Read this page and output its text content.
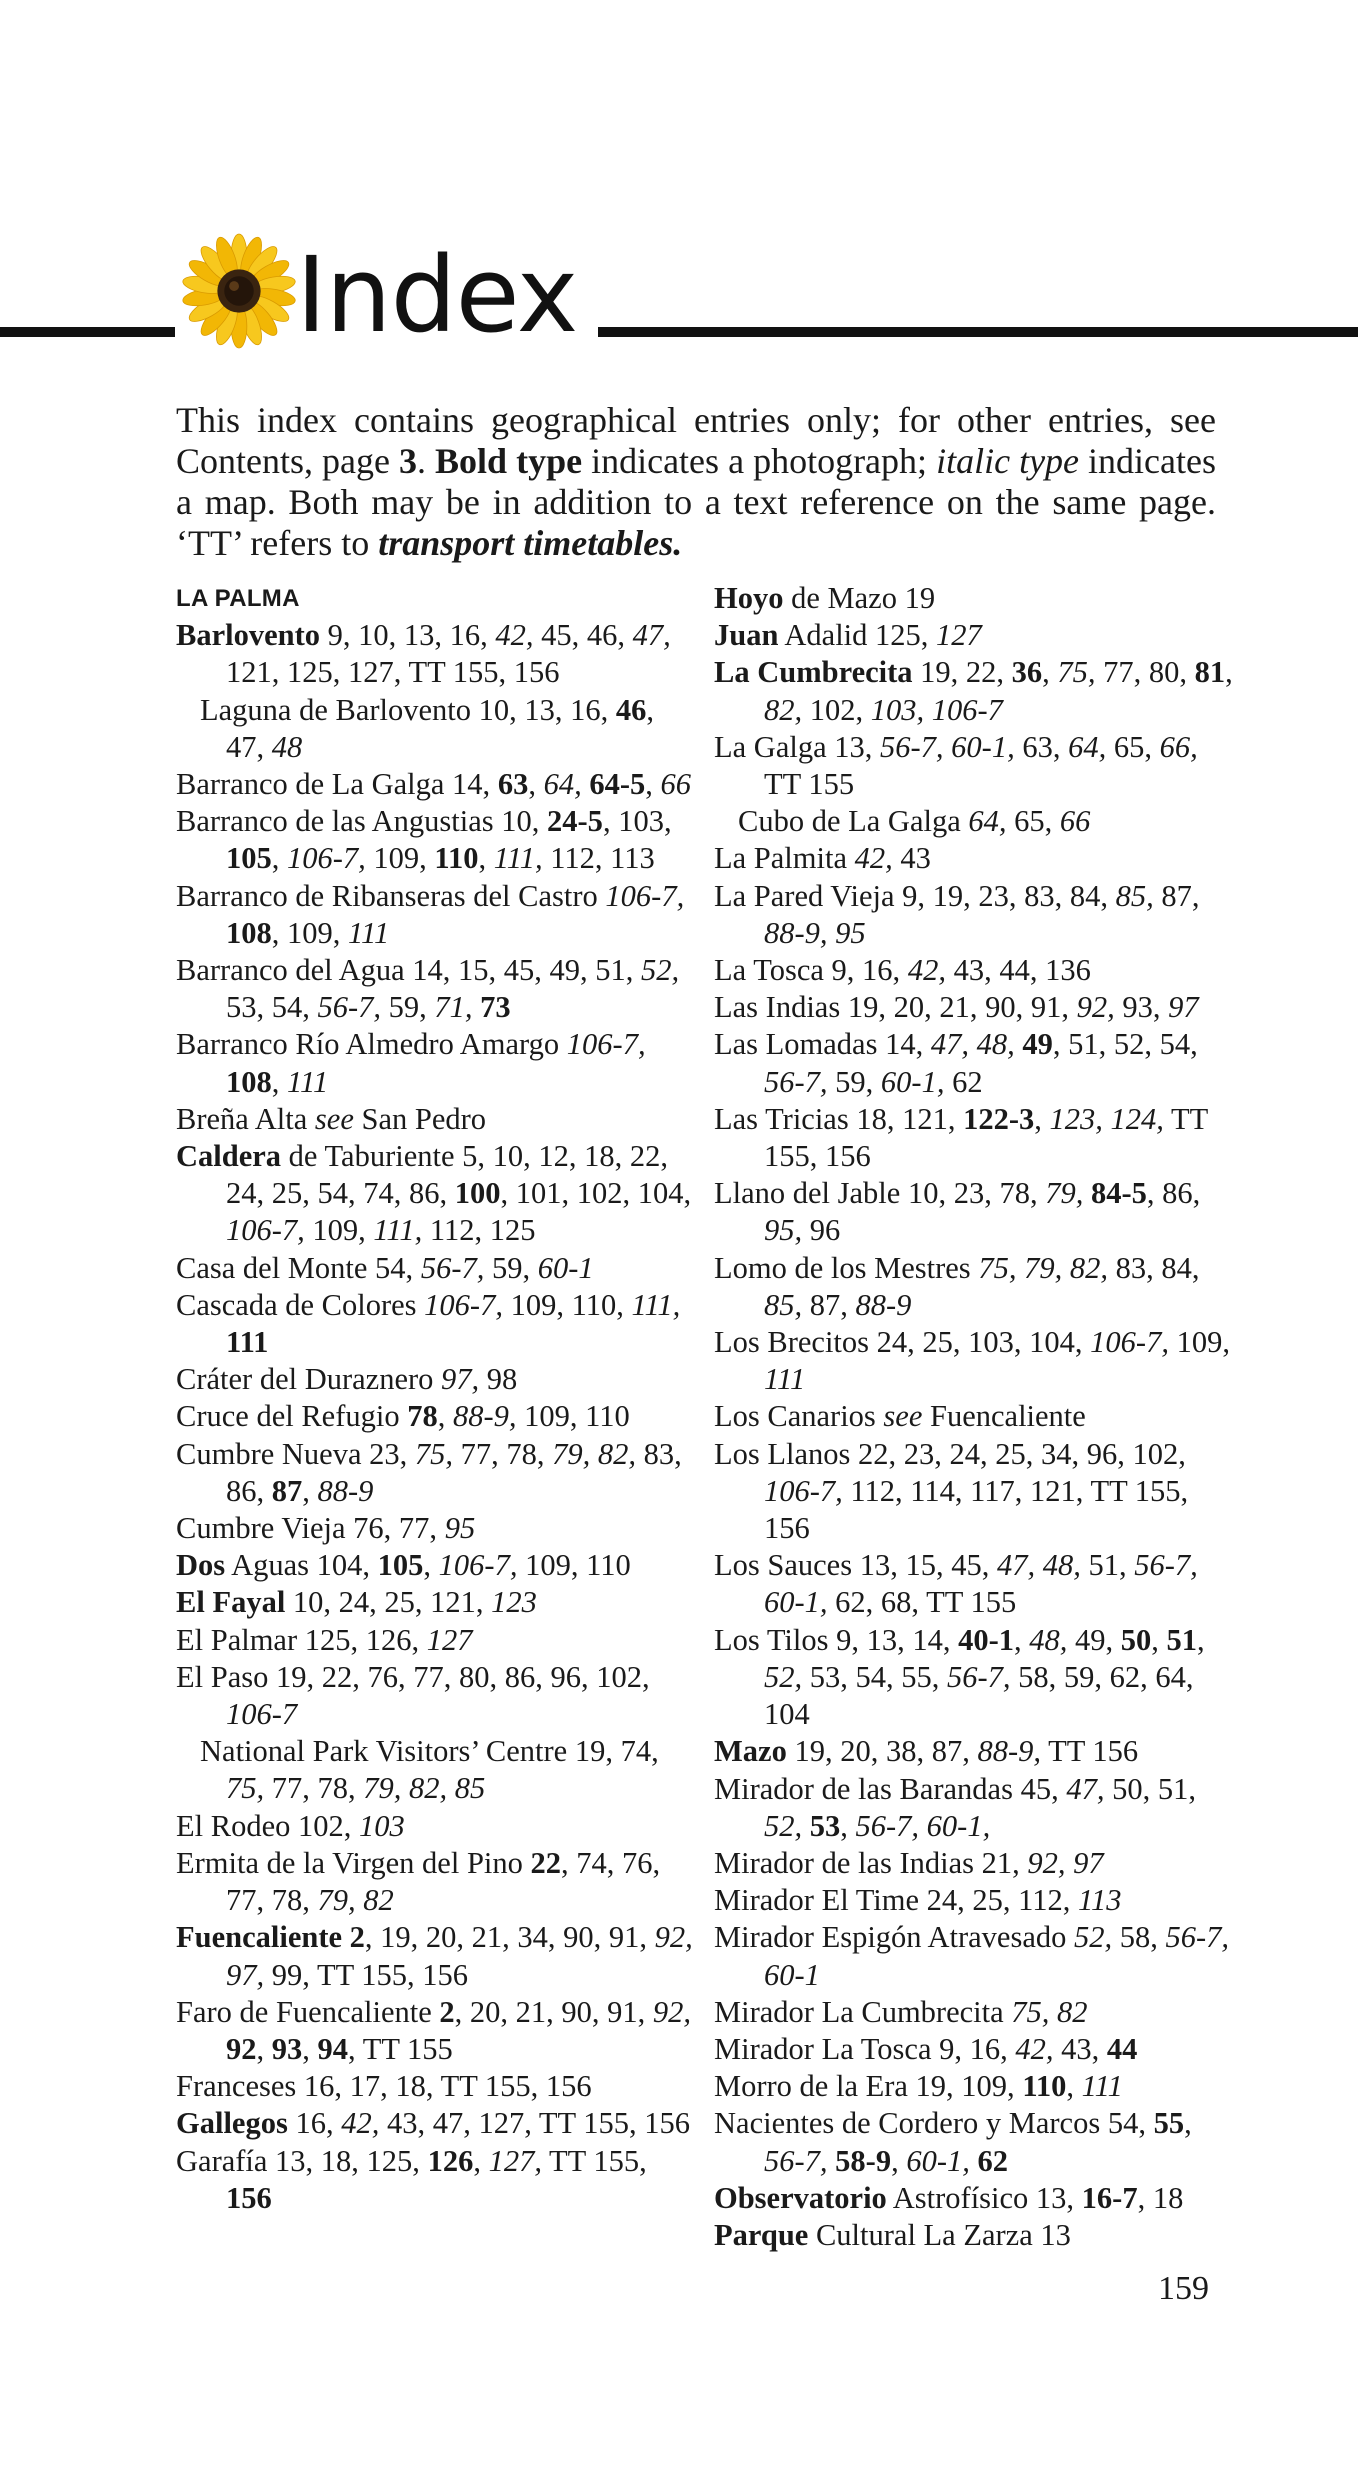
Index
This index contains geographical entries only; for other entries, see Contents, page 3. Bold type indicates a photograph; italic type indicates a map. Both may be in addition to a text reference on the same page. ‘TT’ refers to transport timetables.
LA PALMA
Barlovento 9, 10, 13, 16, 42, 45, 46, 47, 121, 125, 127, TT 155, 156
Laguna de Barlovento 10, 13, 16, 46, 47, 48
Barranco de La Galga 14, 63, 64, 64-5, 66
Barranco de las Angustias 10, 24-5, 103, 105, 106-7, 109, 110, 111, 112, 113
Barranco de Ribanseras del Castro 106-7, 108, 109, 111
Barranco del Agua 14, 15, 45, 49, 51, 52, 53, 54, 56-7, 59, 71, 73
Barranco Río Almedro Amargo 106-7, 108, 111
Breña Alta see San Pedro
Caldera de Taburiente 5, 10, 12, 18, 22, 24, 25, 54, 74, 86, 100, 101, 102, 104, 106-7, 109, 111, 112, 125
Casa del Monte 54, 56-7, 59, 60-1
Cascada de Colores 106-7, 109, 110, 111, 111
Cráter del Duraznero 97, 98
Cruce del Refugio 78, 88-9, 109, 110
Cumbre Nueva 23, 75, 77, 78, 79, 82, 83, 86, 87, 88-9
Cumbre Vieja 76, 77, 95
Dos Aguas 104, 105, 106-7, 109, 110
El Fayal 10, 24, 25, 121, 123
El Palmar 125, 126, 127
El Paso 19, 22, 76, 77, 80, 86, 96, 102, 106-7
National Park Visitors’ Centre 19, 74, 75, 77, 78, 79, 82, 85
El Rodeo 102, 103
Ermita de la Virgen del Pino 22, 74, 76, 77, 78, 79, 82
Fuencaliente 2, 19, 20, 21, 34, 90, 91, 92, 97, 99, TT 155, 156
Faro de Fuencaliente 2, 20, 21, 90, 91, 92, 92, 93, 94, TT 155
Franceses 16, 17, 18, TT 155, 156
Gallegos 16, 42, 43, 47, 127, TT 155, 156
Garafía 13, 18, 125, 126, 127, TT 155, 156
Hoyo de Mazo 19
Juan Adalid 125, 127
La Cumbrecita 19, 22, 36, 75, 77, 80, 81, 82, 102, 103, 106-7
La Galga 13, 56-7, 60-1, 63, 64, 65, 66, TT 155
Cubo de La Galga 64, 65, 66
La Palmita 42, 43
La Pared Vieja 9, 19, 23, 83, 84, 85, 87, 88-9, 95
La Tosca 9, 16, 42, 43, 44, 136
Las Indias 19, 20, 21, 90, 91, 92, 93, 97
Las Lomadas 14, 47, 48, 49, 51, 52, 54, 56-7, 59, 60-1, 62
Las Tricias 18, 121, 122-3, 123, 124, TT 155, 156
Llano del Jable 10, 23, 78, 79, 84-5, 86, 95, 96
Lomo de los Mestres 75, 79, 82, 83, 84, 85, 87, 88-9
Los Brecitos 24, 25, 103, 104, 106-7, 109, 111
Los Canarios see Fuencaliente
Los Llanos 22, 23, 24, 25, 34, 96, 102, 106-7, 112, 114, 117, 121, TT 155, 156
Los Sauces 13, 15, 45, 47, 48, 51, 56-7, 60-1, 62, 68, TT 155
Los Tilos 9, 13, 14, 40-1, 48, 49, 50, 51, 52, 53, 54, 55, 56-7, 58, 59, 62, 64, 104
Mazo 19, 20, 38, 87, 88-9, TT 156
Mirador de las Barandas 45, 47, 50, 51, 52, 53, 56-7, 60-1,
Mirador de las Indias 21, 92, 97
Mirador El Time 24, 25, 112, 113
Mirador Espigón Atravesado 52, 58, 56-7, 60-1
Mirador La Cumbrecita 75, 82
Mirador La Tosca 9, 16, 42, 43, 44
Morro de la Era 19, 109, 110, 111
Nacientes de Cordero y Marcos 54, 55, 56-7, 58-9, 60-1, 62
Observatorio Astrofísico 13, 16-7, 18
Parque Cultural La Zarza 13
159
